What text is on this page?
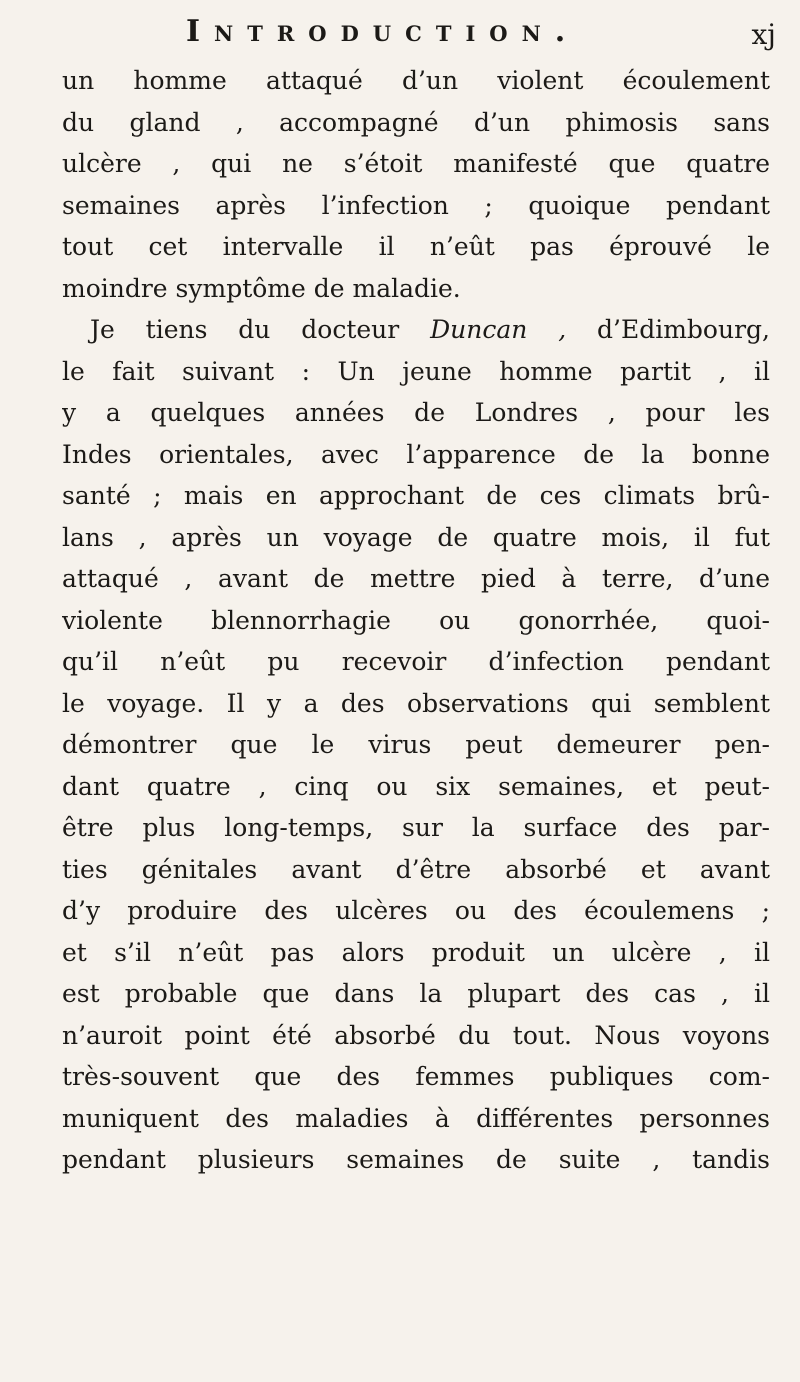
Introduction.	xj
un homme attaqué d’un violent écoulement
du gland , accompagné d’un phimosis sans
ulcère , qui ne s’étoit manifesté que quatre
semaines après l’infection ; quoique pendant
tout cet intervalle il n’eût pas éprouvé le
moindre symptôme de maladie.
Je tiens du docteur Duncan , d’Edimbourg,
le fait suivant : Un jeune homme partit , il
y a quelques années de Londres , pour les
Indes orientales, avec l’apparence de la bonne
santé ; mais en approchant de ces climats brû-
lans , après un voyage de quatre mois, il fut
attaqué , avant de mettre pied à terre, d’une
violente blennorrhagie ou gonorrhée, quoi-
qu’il n’eût pu recevoir d’infection pendant
le voyage. Il y a des observations qui semblent
démontrer que le virus peut demeurer pen-
dant quatre , cinq ou six semaines, et peut-
être plus long-temps, sur la surface des par-
ties génitales avant d’être absorbé et avant
d’y produire des ulcères ou des écoulemens ;
et s’il n’eût pas alors produit un ulcère , il
est probable que dans la plupart des cas , il
n’auroit point été absorbé du tout. Nous voyons
très-souvent que des femmes publiques com-
muniquent des maladies à différentes personnes
pendant plusieurs semaines de suite , tandis
